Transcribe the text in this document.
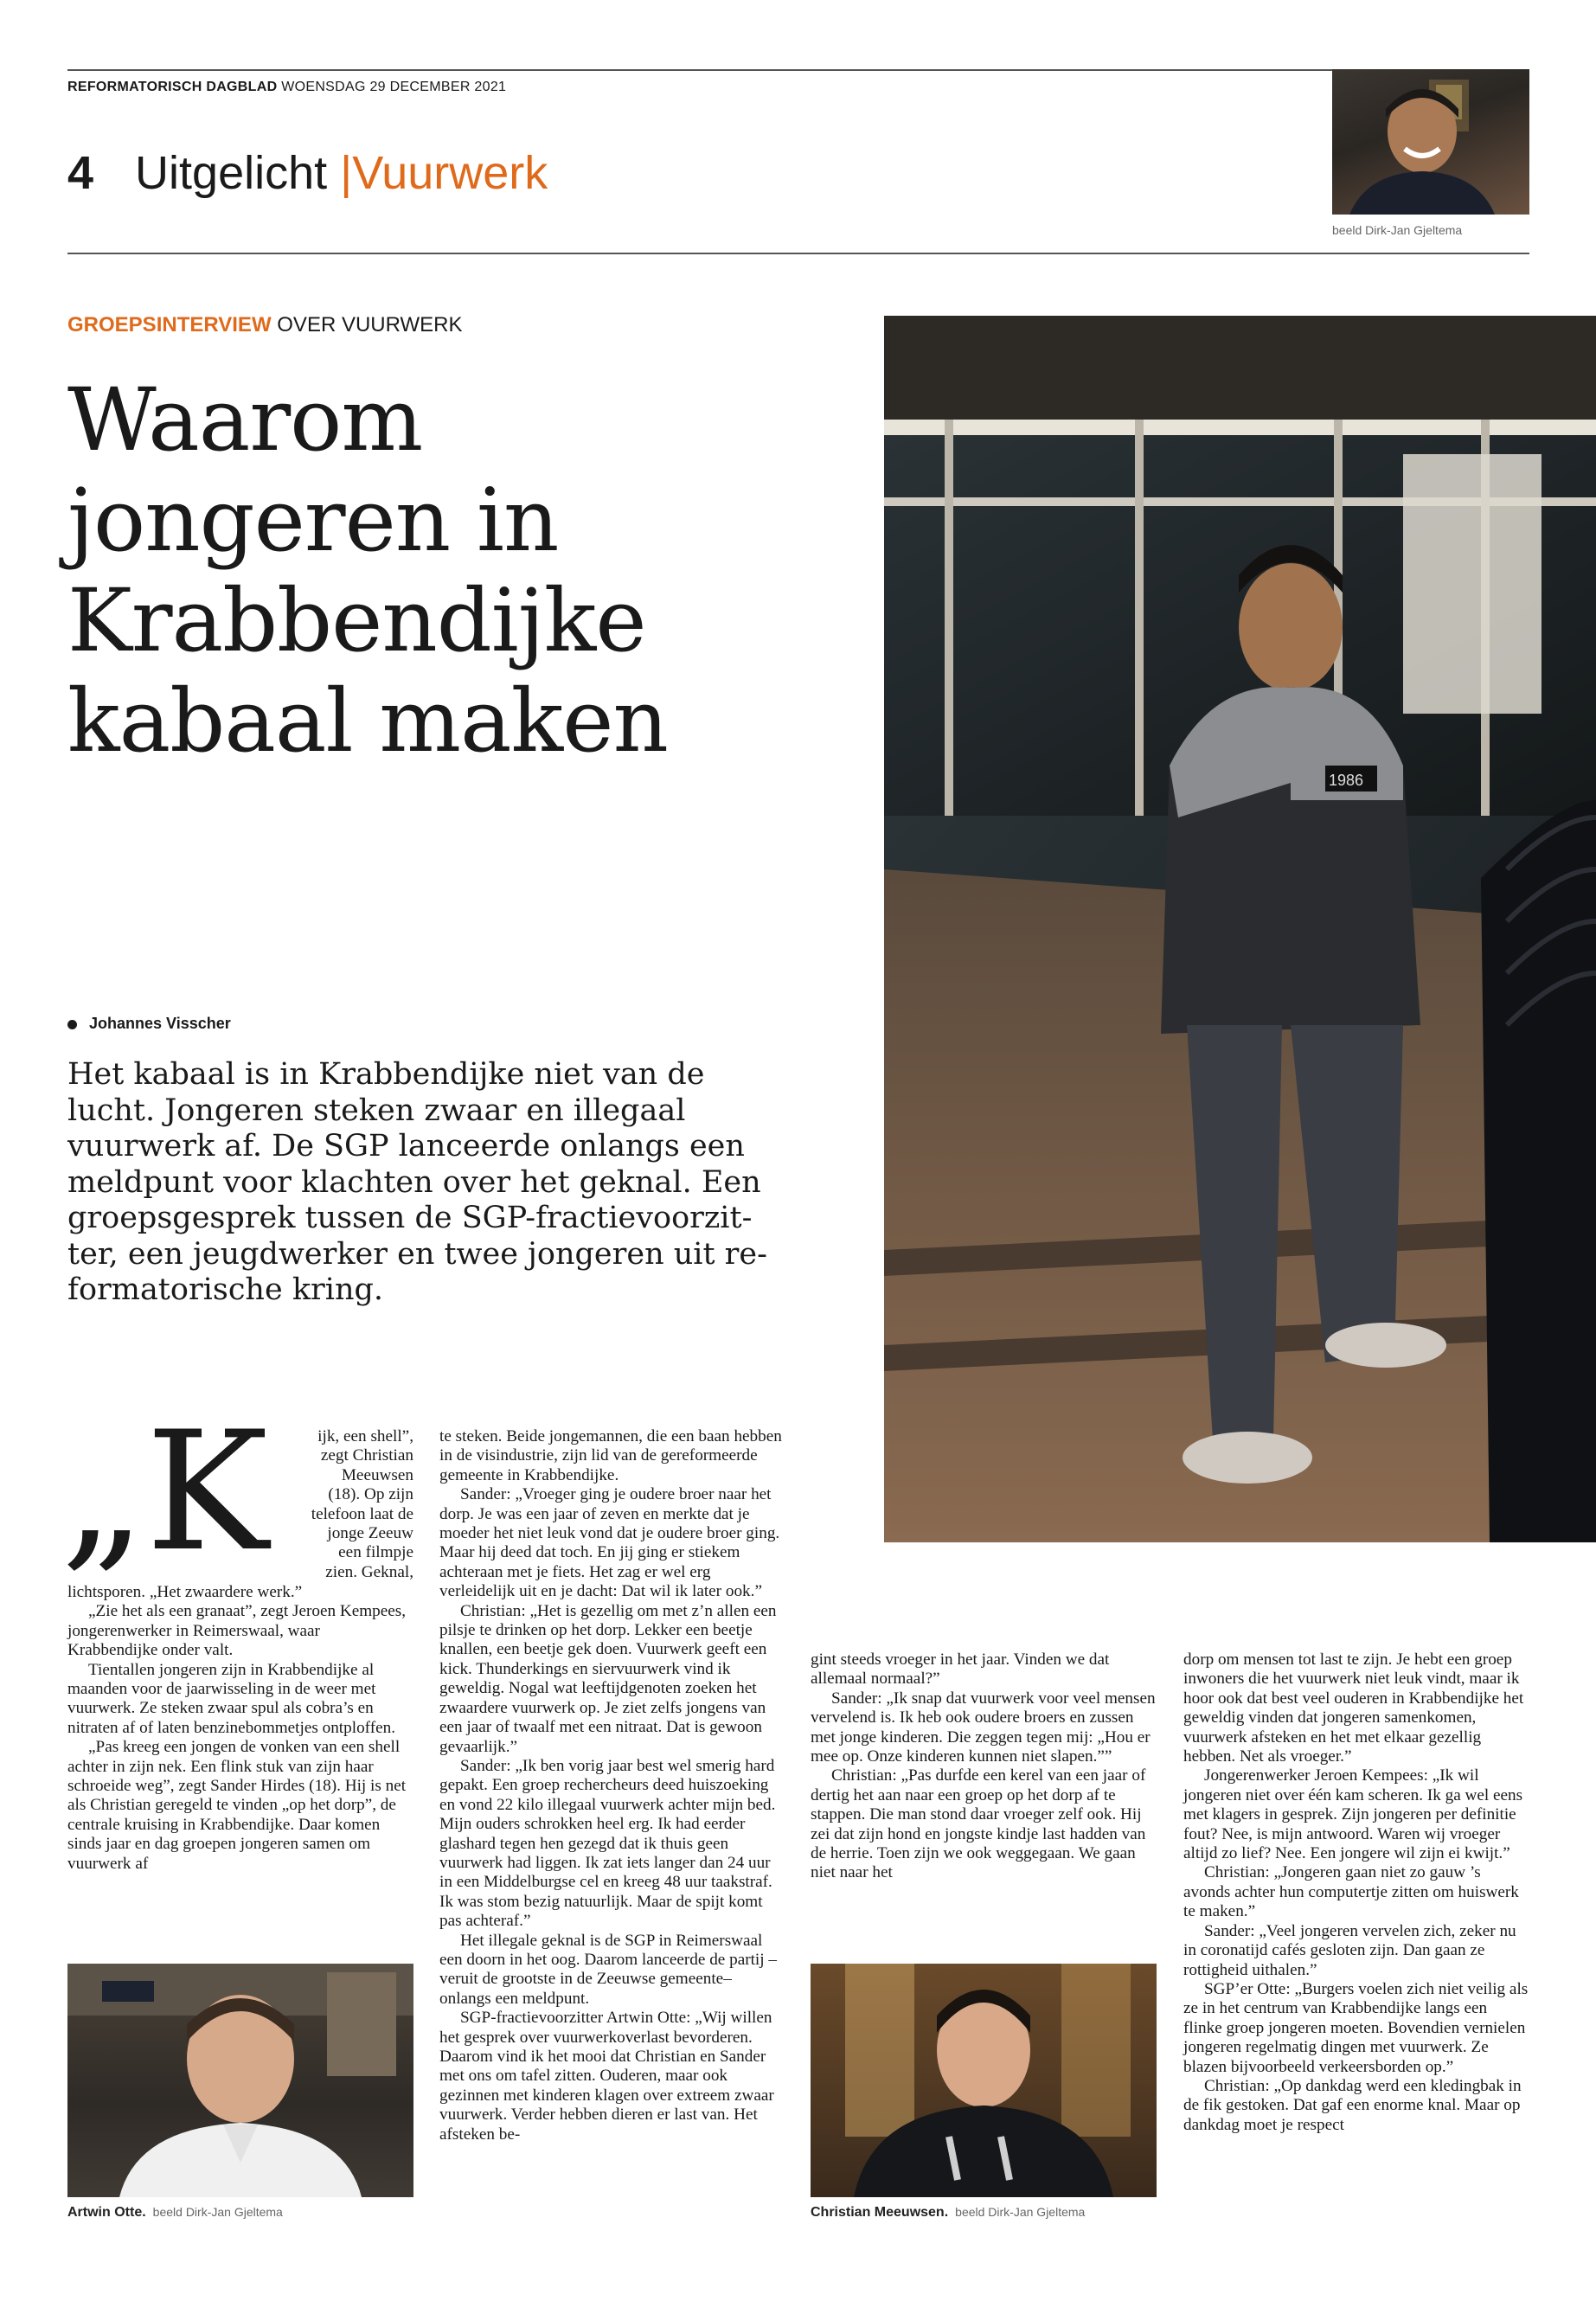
REFORMATORISCH DAGBLAD WOENSDAG 29 DECEMBER 2021
4 Uitgelicht |Vuurwerk
beeld Dirk-Jan Gjeltema
GROEPSINTERVIEW OVER VUURWERK
Waarom
jongeren in
Krabbendijke
kabaal maken
1986
Johannes Visscher
Het kabaal is in Krabbendijke niet van de
lucht. Jongeren steken zwaar en illegaal
vuurwerk af. De SGP lanceerde onlangs een
meldpunt voor klachten over het geknal. Een
groepsgesprek tussen de SGP-fractievoorzit-
ter, een jeugdwerker en twee jongeren uit re-
formatorische kring.
„K	ijk, een shell”,
zegt Christian
Meeuwsen
(18). Op zijn
telefoon laat de
jonge Zeeuw
een filmpje
zien. Geknal,

lichtsporen. „Het zwaardere werk.”

„Zie het als een granaat”, zegt Jeroen Kempees, jongerenwerker in Reimerswaal, waar Krabbendijke onder valt.

Tientallen jongeren zijn in Krabbendijke al maanden voor de jaarwisseling in de weer met vuurwerk. Ze steken zwaar spul als cobra’s en nitraten af of laten benzinebommetjes ontploffen.

„Pas kreeg een jongen de vonken van een shell achter in zijn nek. Een flink stuk van zijn haar schroeide weg”, zegt Sander Hirdes (18). Hij is net als Christian geregeld te vinden „op het dorp”, de centrale kruising in Krabbendijke. Daar komen sinds jaar en dag groepen jongeren samen om vuurwerk af

Artwin Otte. beeld Dirk-Jan Gjeltema

te steken. Beide jongemannen, die een baan hebben in de visindustrie, zijn lid van de gereformeerde gemeente in Krabbendijke.

Sander: „Vroeger ging je oudere broer naar het dorp. Je was een jaar of zeven en merkte dat je moeder het niet leuk vond dat je oudere broer ging. Maar hij deed dat toch. En jij ging er stiekem achteraan met je fiets. Het zag er wel erg verleidelijk uit en je dacht: Dat wil ik later ook.”

Christian: „Het is gezellig om met z’n allen een pilsje te drinken op het dorp. Lekker een beetje knallen, een beetje gek doen. Vuurwerk geeft een kick. Thunderkings en siervuurwerk vind ik geweldig. Nogal wat leeftijdgenoten zoeken het zwaardere vuurwerk op. Je ziet zelfs jongens van een jaar of twaalf met een nitraat. Dat is gewoon gevaarlijk.”

Sander: „Ik ben vorig jaar best wel smerig hard gepakt. Een groep rechercheurs deed huiszoeking en vond 22 kilo illegaal vuurwerk achter mijn bed. Mijn ouders schrokken heel erg. Ik had eerder glashard tegen hen gezegd dat ik thuis geen vuurwerk had liggen. Ik zat iets langer dan 24 uur in een Middelburgse cel en kreeg 48 uur taakstraf. Ik was stom bezig natuurlijk. Maar de spijt komt pas achteraf.”

Het illegale geknal is de SGP in Reimerswaal een doorn in het oog. Daarom lanceerde de partij –veruit de grootste in de Zeeuwse gemeente– onlangs een meldpunt.

SGP-fractievoorzitter Artwin Otte: „Wij willen het gesprek over vuurwerkoverlast bevorderen. Daarom vind ik het mooi dat Christian en Sander met ons om tafel zitten. Ouderen, maar ook gezinnen met kinderen klagen over extreem zwaar vuurwerk. Verder hebben dieren er last van. Het afsteken be-

gint steeds vroeger in het jaar. Vinden we dat allemaal normaal?”

Sander: „Ik snap dat vuurwerk voor veel mensen vervelend is. Ik heb ook oudere broers en zussen met jonge kinderen. Die zeggen tegen mij: „Hou er mee op. Onze kinderen kunnen niet slapen.””

Christian: „Pas durfde een kerel van een jaar of dertig het aan naar een groep op het dorp af te stappen. Die man stond daar vroeger zelf ook. Hij zei dat zijn hond en jongste kindje last hadden van de herrie. Toen zijn we ook weggegaan. We gaan niet naar het

Christian Meeuwsen. beeld Dirk-Jan Gjeltema

dorp om mensen tot last te zijn. Je hebt een groep inwoners die het vuurwerk niet leuk vindt, maar ik hoor ook dat best veel ouderen in Krabbendijke het geweldig vinden dat jongeren samenkomen, vuurwerk afsteken en het met elkaar gezellig hebben. Net als vroeger.”

Jongerenwerker Jeroen Kempees: „Ik wil jongeren niet over één kam scheren. Ik ga wel eens met klagers in gesprek. Zijn jongeren per definitie fout? Nee, is mijn antwoord. Waren wij vroeger altijd zo lief? Nee. Een jongere wil zijn ei kwijt.”

Christian: „Jongeren gaan niet zo gauw ’s avonds achter hun computertje zitten om huiswerk te maken.”

Sander: „Veel jongeren vervelen zich, zeker nu in coronatijd cafés gesloten zijn. Dan gaan ze rottigheid uithalen.”

SGP’er Otte: „Burgers voelen zich niet veilig als ze in het centrum van Krabbendijke langs een flinke groep jongeren moeten. Bovendien vernielen jongeren regelmatig dingen met vuurwerk. Ze blazen bijvoorbeeld verkeersborden op.”

Christian: „Op dankdag werd een kledingbak in de fik gestoken. Dat gaf een enorme knal. Maar op dankdag moet je respect
